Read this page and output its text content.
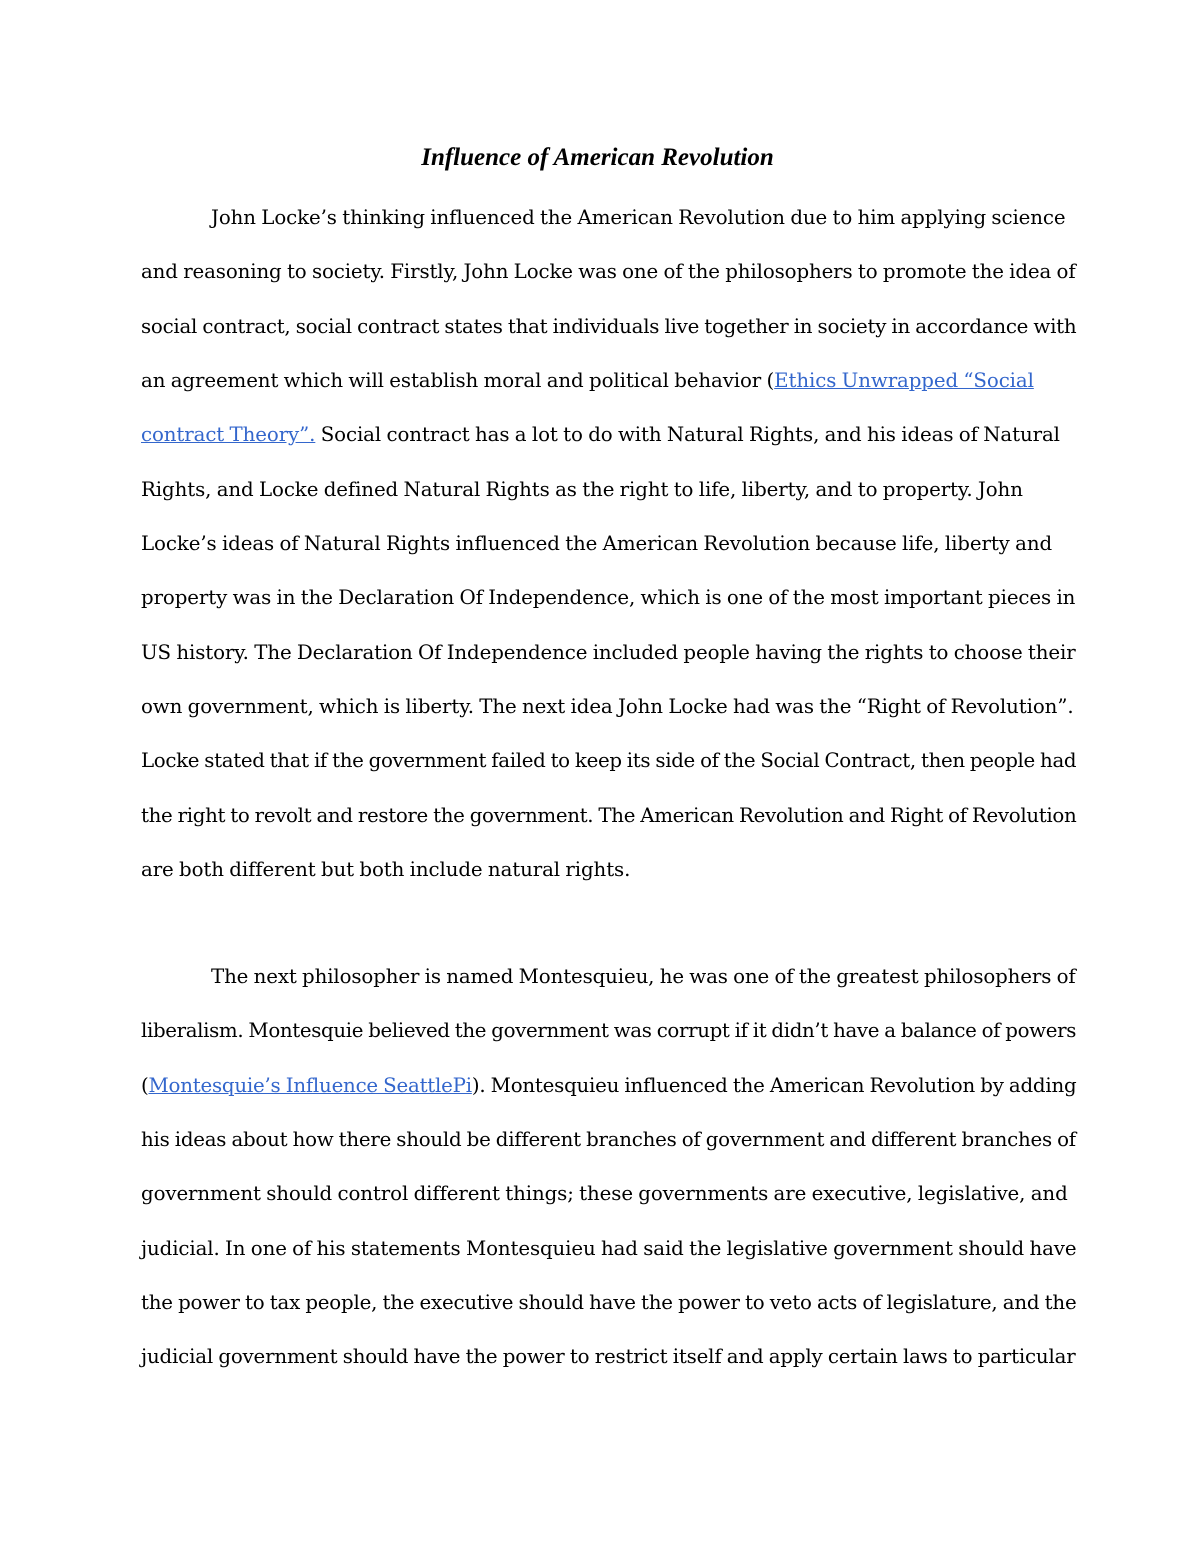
Influence of American Revolution
John Locke’s thinking influenced the American Revolution due to him applying science
and reasoning to society. Firstly, John Locke was one of the philosophers to promote the idea of
social contract, social contract states that individuals live together in society in accordance with
an agreement which will establish moral and political behavior (Ethics Unwrapped “Social
contract Theory”. Social contract has a lot to do with Natural Rights, and his ideas of Natural
Rights, and Locke defined Natural Rights as the right to life, liberty, and to property. John
Locke’s ideas of Natural Rights influenced the American Revolution because life, liberty and
property was in the Declaration Of Independence, which is one of the most important pieces in
US history. The Declaration Of Independence included people having the rights to choose their
own government, which is liberty. The next idea John Locke had was the “Right of Revolution”.
Locke stated that if the government failed to keep its side of the Social Contract, then people had
the right to revolt and restore the government. The American Revolution and Right of Revolution
are both different but both include natural rights.
The next philosopher is named Montesquieu, he was one of the greatest philosophers of
liberalism. Montesquie believed the government was corrupt if it didn’t have a balance of powers
(Montesquie’s Influence SeattlePi). Montesquieu influenced the American Revolution by adding
his ideas about how there should be different branches of government and different branches of
government should control different things; these governments are executive, legislative, and
judicial. In one of his statements Montesquieu had said the legislative government should have
the power to tax people, the executive should have the power to veto acts of legislature, and the
judicial government should have the power to restrict itself and apply certain laws to particular
